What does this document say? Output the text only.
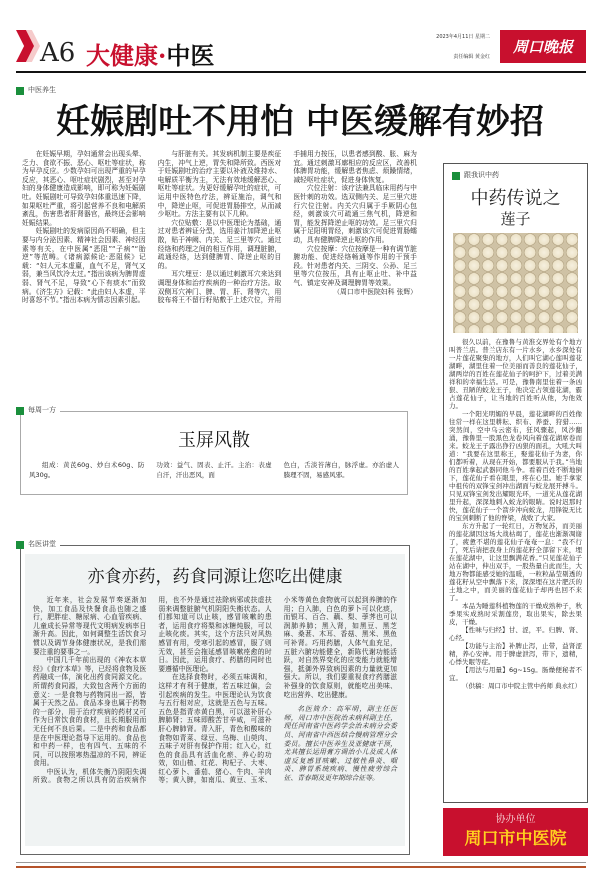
A6 大健康·中医
2023年4月11日 星期二
责任编辑 黄金红
周口晚报
中医养生
妊娠剧吐不用怕 中医缓解有妙招

在妊娠早期，孕妇通常会出现头晕、乏力、食欲不振、恶心、呕吐等症状，称为早孕反应。少数孕妇可出现严重的早孕反应，其恶心、呕吐症状剧烈，甚至对孕妇的身体健康造成影响，即可称为妊娠剧吐。妊娠剧吐可导致孕妇体重迅速下降，如果呕吐严重，将引起营养不良和电解质紊乱，伤害患者肝肾器官，最终还会影响妊娠结果。

妊娠剧吐的发病原因尚不明确，但主要与内分泌因素、精神社会因素、神经因素等有关，在中医属“恶阻”“子病”“胎逆”等范畴。《诸病源候论·恶阻候》记载：“妇人元本虚羸，血气不足，肾气又弱，兼当风饮冷太过。”指出该病为脾胃虚弱、肾气不足，导致“心下有痰水”而致病。《济生方》记载：“此由妇人本虚，平时喜怒不节。”指出本病为情志因素引起。

与肝脏有关。其发病机制主要是疾征内生，冲气上逆，胃失和降所致。西医对于妊娠剧吐的治疗主要以补液及维持水、电解质平衡为主，无法有效地缓解恶心、呕吐等症状。为更好缓解孕吐的症状，可运用中医特色疗法，辨证施治，调气和中，降逆止呕，可促进胃肠排空，从而减少呕吐。方法主要有以下几种。

穴位贴敷：是以中医理论为基础，通过对患者辨证分型，选用姜汁加降逆止呕散，贴于神阙、内关、足三里等穴。通过经络和药理之间的相互作用，调理脏腑，疏通经络，达到健脾胃、降逆止呕的目的。

耳穴埋豆：是以通过刺激耳穴来达到调理身体和治疗疾病的一种治疗方法。取双侧耳穴神门、脾、胃、肝、肾等穴，用胶布将王不留行籽贴敷于上述穴位，并用手捕用力按压，以患者感到酸、胀、麻为宜。通过刺激耳廓相应的反应区，改善机体脾胃功能，缓解患者焦虑、烦躁情绪，减轻呕吐症状，促进身体恢复。

穴位注射：该疗法兼具临床用药与中医针刺的功效。选双侧内关、足三里穴进行穴位注射。内关穴归属于手厥阴心包经，刺激该穴可疏通三焦气机，降逆和胃，能发挥降逆止呕的功效。足三里穴归属于足阳明胃经，刺激该穴可促进胃肠蠕动，具有健脾降逆止呕的作用。

穴位按摩：穴位按摩是一种有调节脏腑功能、促进经络畅通等作用的干预手段。针对患者内关、三阴交、公孙、足三里等穴位按压，具有止呕止吐、补中益气、镇定安神及调理脾胃等效果。

（周口市中医院妇科 张辉）

跟我识中药
中药传说之
莲子

很久以前，在豫鲁与黄淮交界处有个地方叫普兰店。普兰店东有一片水乡，水乡深处有一片莲花聚集的地方，人们叫它湖心莲叫莲花湖畔，湖里住着一位美丽而善良的莲花仙子，湖两岸的百姓在莲花仙子的呵护下，过着美满祥和的幸福生活。可是，豫鲁南里住着一条凶狠、丑陋的蛟龙王子，他决定占领莲花湖，霸占莲花仙子，让当地的百姓听从他，为他效力。

一个阳光明媚的早晨，莲花湖畔的百姓像往常一样在这里耕耘、织布、养蚕、狩猎……突然间，空中乌云密布，狂风骤起，风沙翻涌，豫鲁里一股黑色龙卷风向着莲花湖席卷而来。蛟龙王子露出狰狞凶狠的面孔，大吼大叫道：“我要在这里称王，娶莲花仙子为妻，你们都听着，从现在开始，都要服从于我。”当地的百姓拿起武器同他斗争。看着百姓不断地倒下，莲花仙子看在眼里，疼在心里。她手拿家中祖传的双锋宝剑冲出湖面与蛟龙展开搏斗。只见双锋宝剑发出耀眼光环，一道光从莲花湖里升起，深深地刺入蛟龙的眼睛。说时迟那时快，莲花仙子一个箭步冲向蛟龙，用锋锐无比的宝剑刺断了他的脊梁，战败了大家。

东方升起了一轮红日，万物复苏，而美丽的莲花湖因这场大战枯竭了，莲花也渐渐凋谢了，疲惫不堪的莲花仙子奄奄一息：“我不行了，死后请把我身上的莲花籽全部留下来，埋在莲花湖中，让这里飘满花香。”只见莲花仙子站在湖中，伸出双手，一股热量自此而生，大地万物都能感受她的温暖，一粒粒晶莹剔透的莲花籽从空中飘落下来，深深埋在这片肥沃的土地之中，而美丽的莲花仙子却再也回不来了。

本品为睡莲科植物莲的干燥成熟种子，秋季果实成熟时采割莲房，取出果实，除去果皮，干燥。

【性味与归经】甘、涩，平。归脾、肾、心经。

【功能与主治】补脾止泻，止带，益肾涩精，养心安神。用于脾虚泄泻，带下，遗精，心悸失眠等症。

【用法与用量】6g~15g。肠燥便秘者不宜。

（供稿：周口市中院主管中药师 典永红）

玉屏风散

组成：黄芪60g、炒白术60g、防风30g。

功效：益气、固表、止汗。主治：表虚自汗，汗出恶风，面

色白，舌淡苔薄白，脉浮虚。亦治虚人腠理不固，易感风邪。

每周一方
亦食亦药，药食同源让您吃出健康

近年来，社会发展节奏逐渐加快，加工食品及快餐食品也随之盛行，肥胖症、糖尿病、心血管疾病、儿童成长异常等现代文明病发病率日渐升高。因此，如何调整生活饮食习惯以及调节身体健康状况，是我们需要注重的要事之一。

中国几千年前出现的《神农本草经》《食疗本草》等，已经将食物及医药融成一体，演化出药食同源文化。所谓药食同源，大致包含两个方面的意义：一是食物与药物同出一源，皆属于天然之品。食品本身也属于药物的一部分，用于治疗疾病的药材又可作为日常饮食的食材，且长期服用而无任何不良后果。二是中药和食品都是在中医理论指导下运用的。食品也和中药一样，也有四气、五味的不同，可以按照寒热温凉的不同，辨证食用。

中医认为，机体失衡乃阴阳失调所致。食物之所以具有防治疾病作用，也不外是通过祛除病邪或扶虚扶弱来调整脏腑气机阴阳失衡状态。人们都知道可以止咳，感冒咳嗽的患者，运用食疗将梨和冰糖炖服，可以止咳化痰。其实，这个方法只对风热感冒有用，受寒引起的感冒，服了则无效，甚至会拖延感冒咳嗽痊愈的时日。因此，运用食疗、药膳的同时也要遵循中医理论。

在选择食物时，必须五味调和，这样才有利于健康，若五味过偏，会引起疾病的发生。中医理论认为饮食与五行相对应，这就是五色与五味。五色是指青赤黄白黑，可以滋补肝心脾肺肾；五味即酸苦甘辛咸，可滋补肝心脾肺肾。青入肝，青色和酸味的食物如青菜、绿豆、乌梅、山萸肉、五味子对肝有保护作用；红入心，红色的食品具有活血化瘀、养心的功效，如山楂、红花、枸杞子、大枣、红心萝卜、番茄、猪心、牛肉、羊肉等；黄入脾，如南瓜、黄豆、玉米、小米等黄色食物就可以起到养脾的作用；白入肺，白色的萝卜可以化痰，而银耳、百合、藕、梨、荸荠也可以润肺养肺；黑入肾，如黑豆、黑芝麻、桑葚、木耳、香菇、黑米、黑鱼可补肾。巧用药膳，人体气血充足，五脏六腑功能健全，新陈代谢功能活跃，对自然界变化的应变能力就能增强，抵御外界致病因素的力量就更加强大。所以，我们要重视食疗药膳滋补强身的饮食原则，就能吃出美味、吃出营养、吃出健康。

名医简介：高军明，副主任医师，周口市中医院治未病科副主任，现任河南省中医药学会治未病分会委员、河南省中西医结合慢病管理分会委员。擅长中医养生及亚健康干预，尤其擅长运用膏方调治小儿及成人体虚反复感冒咳嗽、过敏性鼻炎、咽炎、脾胃系统疾病、慢性疲劳综合征、青春期及更年期综合征等。

名医讲堂
协办单位
周口市中医院
